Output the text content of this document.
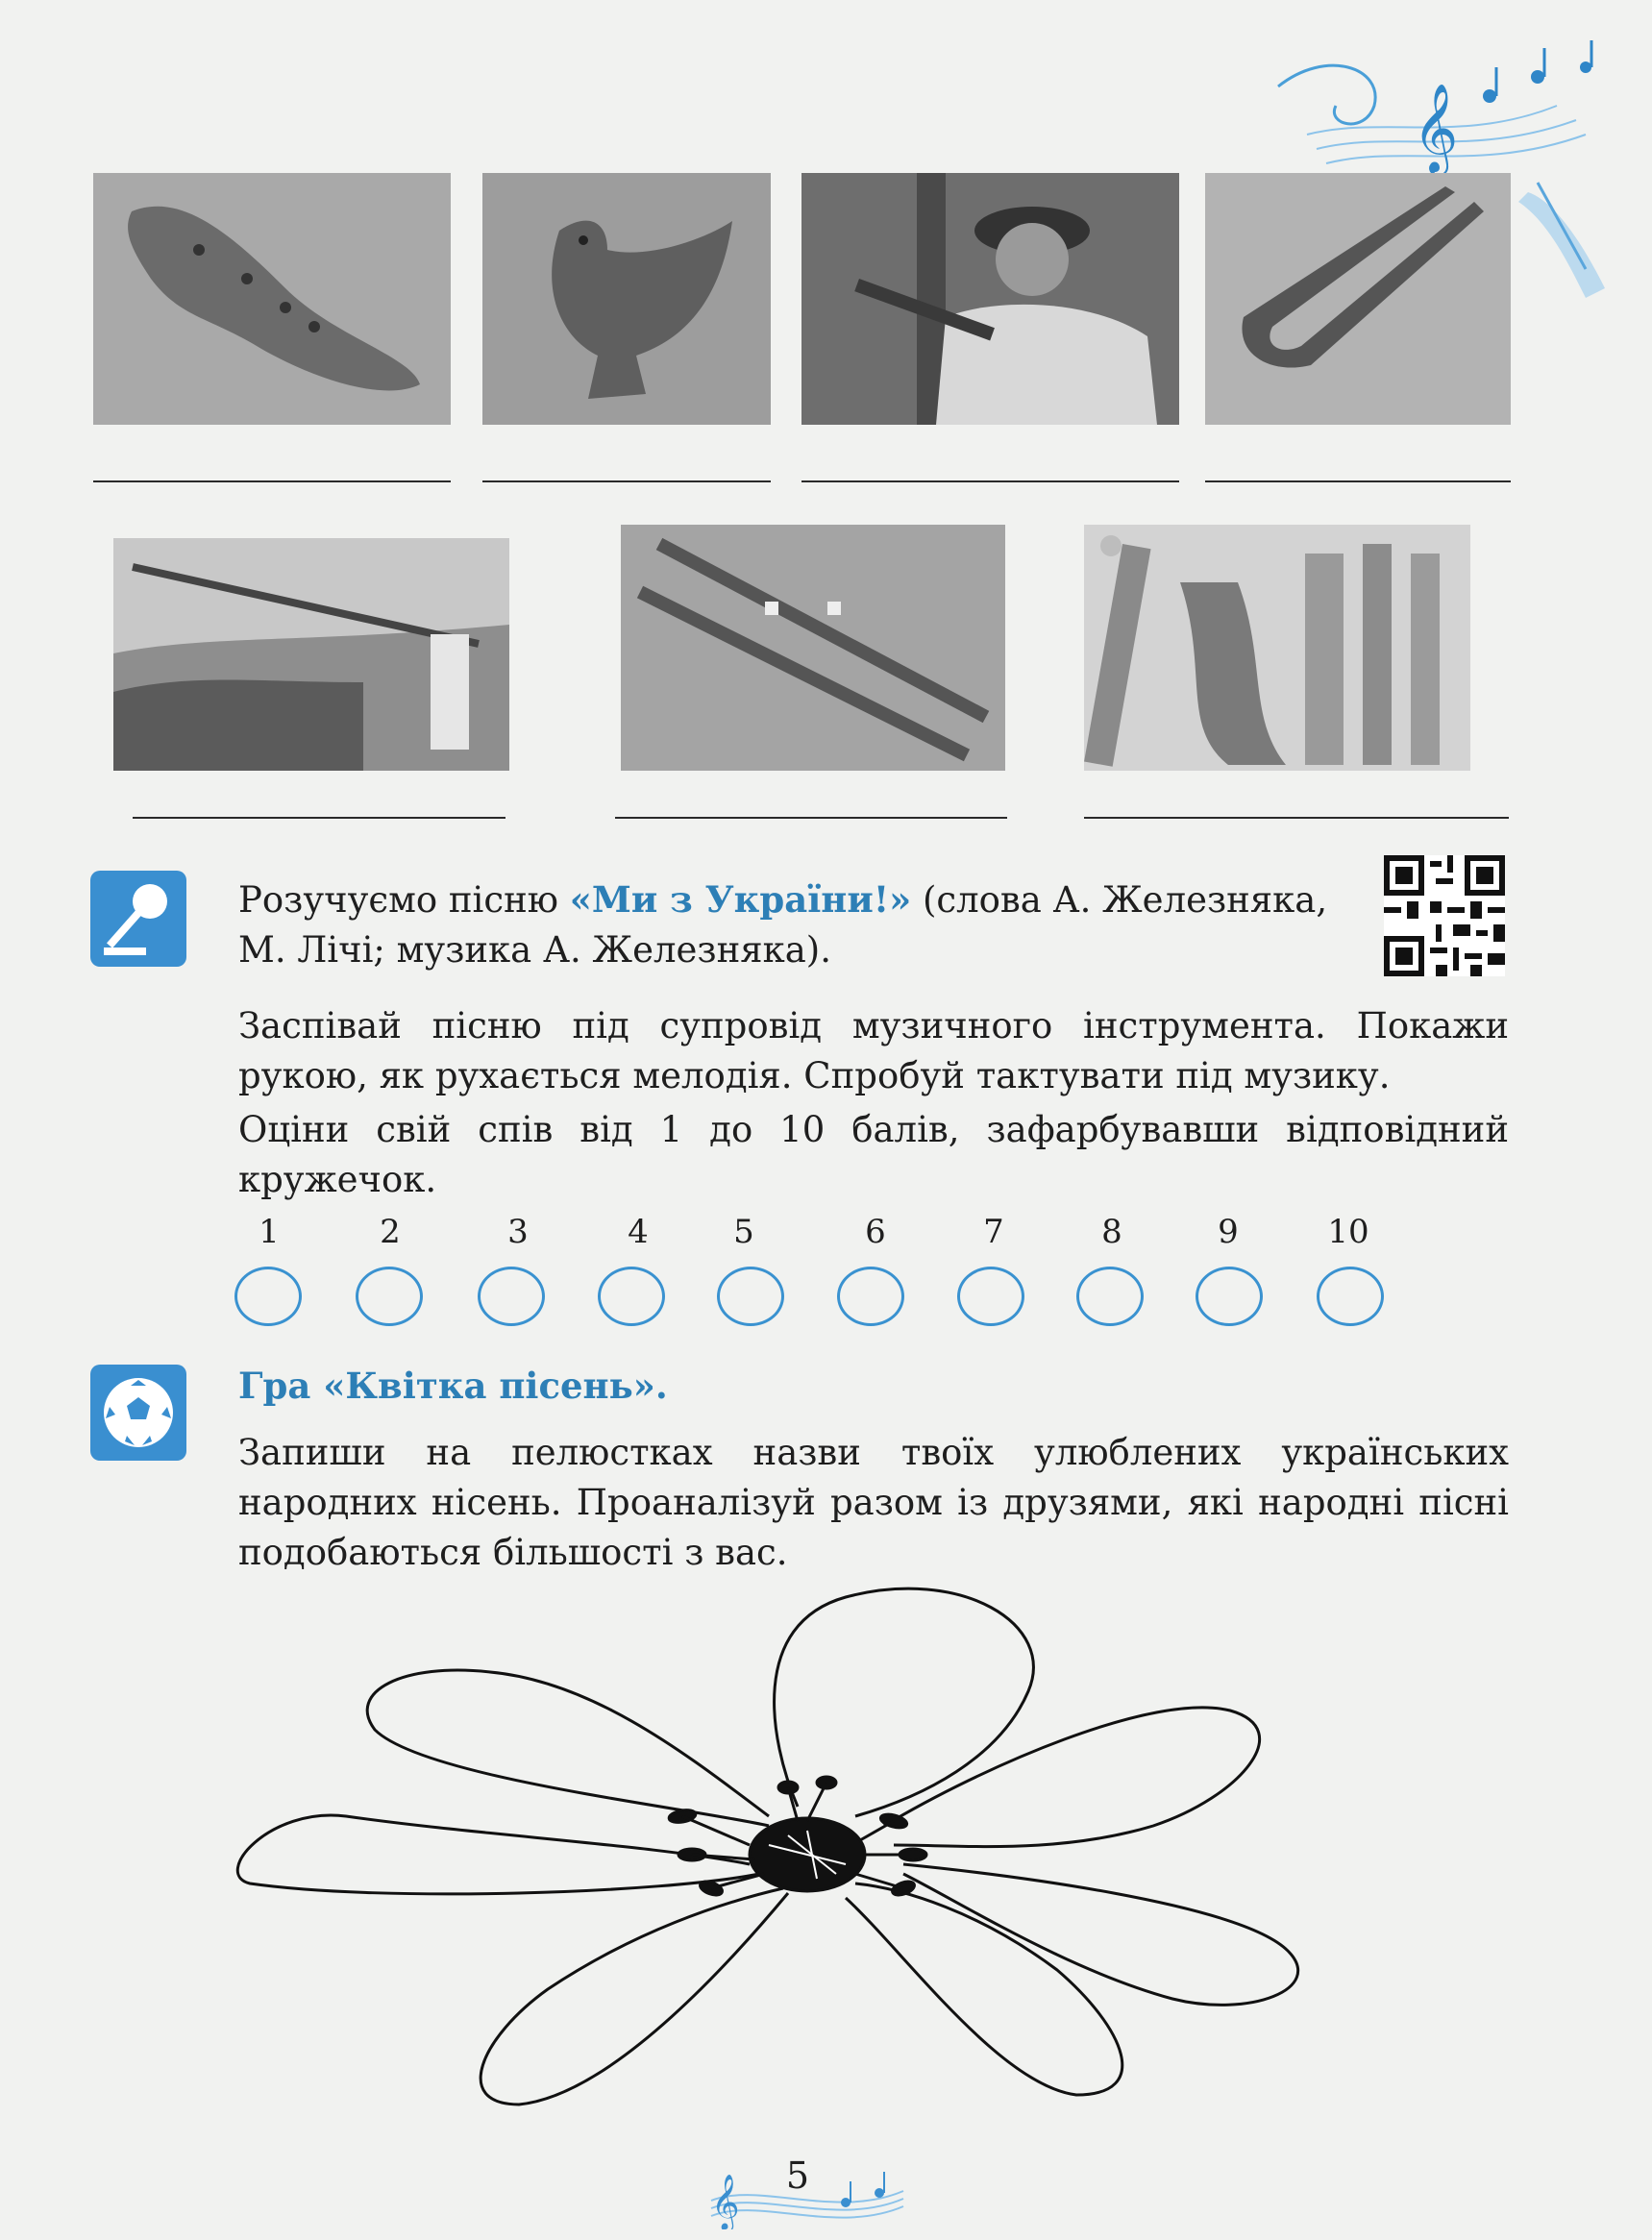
𝄞
Розучуємо пісню «Ми з України!» (слова А. Железняка,
М. Лічі; музика А. Железняка).
Заспівай пісню під супровід музичного інструмента. Покажи рукою, як рухається мелодія. Спробуй тактувати під музику.
Оціни свій спів від 1 до 10 балів, зафарбувавши відповідний кружечок.
1	2	3	4	5	6	7	8	9	10
Гра «Квітка пісень».
Запиши на пелюстках назви твоїх улюблених українських народних нісень. Проаналізуй разом із друзями, які народні пісні подобаються більшості з вас.
𝄞	5
